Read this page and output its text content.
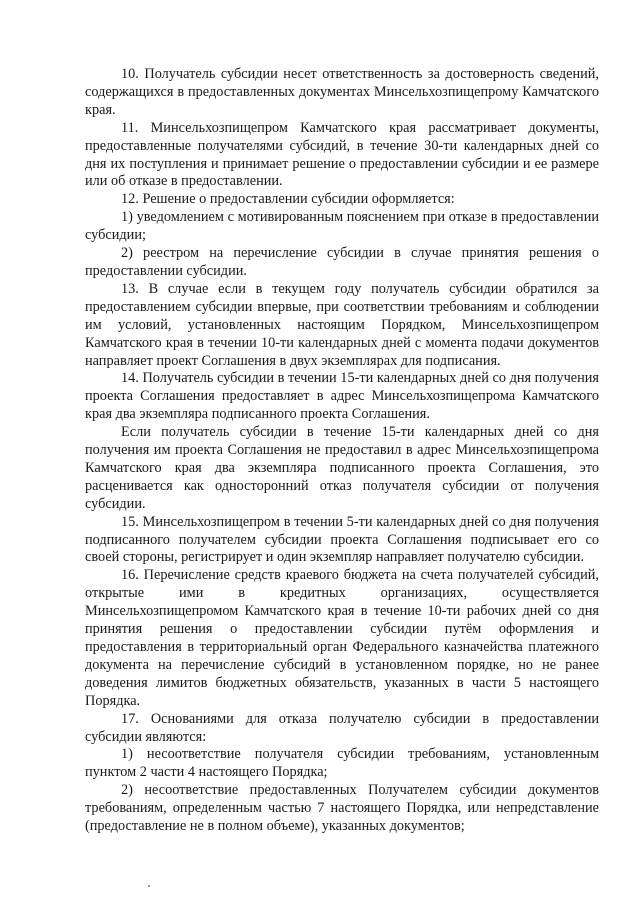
10. Получатель субсидии несет ответственность за достоверность сведений, содержащихся в предоставленных документах Минсельхозпищепрому Камчатского края.

11. Минсельхозпищепром Камчатского края рассматривает документы, предоставленные получателями субсидий, в течение 30-ти календарных дней со дня их поступления и принимает решение о предоставлении субсидии и ее размере или об отказе в предоставлении.

12. Решение о предоставлении субсидии оформляется:

1) уведомлением с мотивированным пояснением при отказе в предоставлении субсидии;

2) реестром на перечисление субсидии в случае принятия решения о предоставлении субсидии.

13. В случае если в текущем году получатель субсидии обратился за предоставлением субсидии впервые, при соответствии требованиям и соблюдении им условий, установленных настоящим Порядком, Минсельхозпищепром Камчатского края в течении 10-ти календарных дней с момента подачи документов направляет проект Соглашения в двух экземплярах для подписания.

14. Получатель субсидии в течении 15-ти календарных дней со дня получения проекта Соглашения предоставляет в адрес Минсельхозпищепрома Камчатского края два экземпляра подписанного проекта Соглашения.

Если получатель субсидии в течение 15-ти календарных дней со дня получения им проекта Соглашения не предоставил в адрес Минсельхозпищепрома Камчатского края два экземпляра подписанного проекта Соглашения, это расценивается как односторонний отказ получателя субсидии от получения субсидии.

15. Минсельхозпищепром в течении 5-ти календарных дней со дня получения подписанного получателем субсидии проекта Соглашения подписывает его со своей стороны, регистрирует и один экземпляр направляет получателю субсидии.

16. Перечисление средств краевого бюджета на счета получателей субсидий, открытые ими в кредитных организациях, осуществляется Минсельхозпищепромом Камчатского края в течение 10-ти рабочих дней со дня принятия решения о предоставлении субсидии путём оформления и предоставления в территориальный орган Федерального казначейства платежного документа на перечисление субсидий в установленном порядке, но не ранее доведения лимитов бюджетных обязательств, указанных в части 5 настоящего Порядка.

17. Основаниями для отказа получателю субсидии в предоставлении субсидии являются:

1) несоответствие получателя субсидии требованиям, установленным пунктом 2 части 4 настоящего Порядка;

2) несоответствие предоставленных Получателем субсидии документов требованиям, определенным частью 7 настоящего Порядка, или непредставление (предоставление не в полном объеме), указанных документов;
